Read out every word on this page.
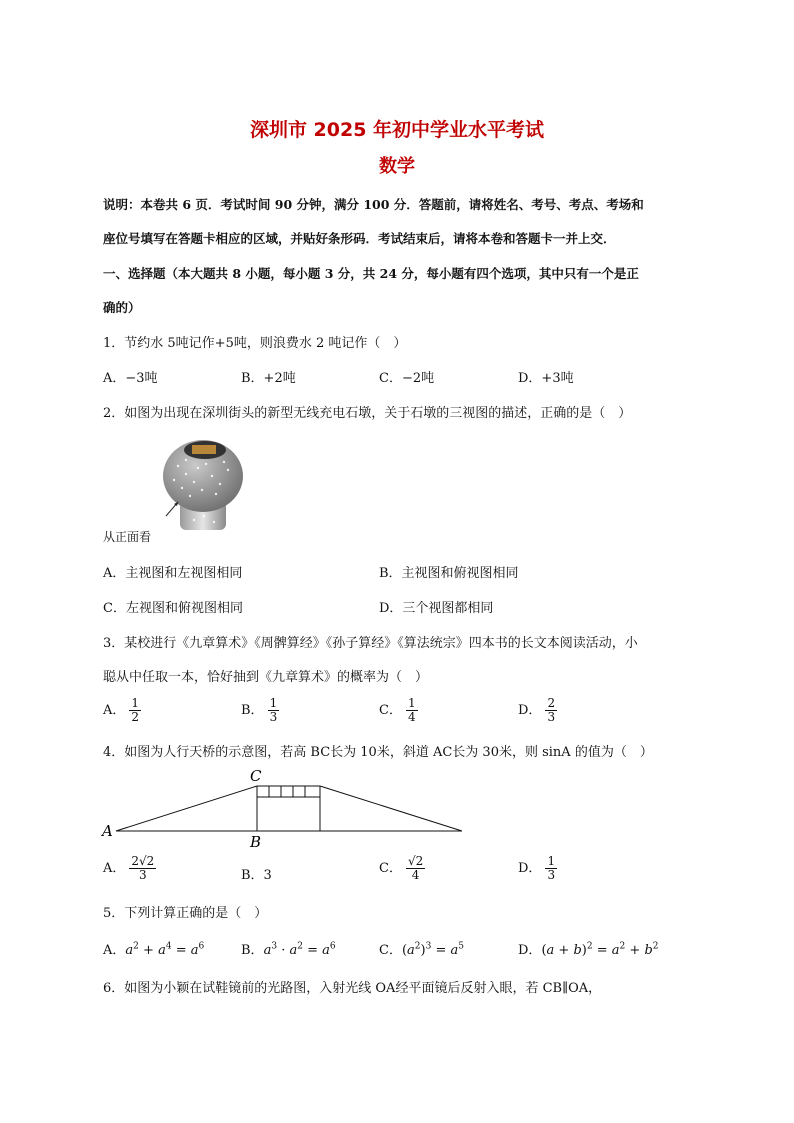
深圳市 2025 年初中学业水平考试
数学
说明：本卷共 6 页．考试时间 90 分钟，满分 100 分．答题前，请将姓名、考号、考点、考场和
座位号填写在答题卡相应的区域，并贴好条形码．考试结束后，请将本卷和答题卡一并上交．
一、选择题（本大题共 8 小题，每小题 3 分，共 24 分，每小题有四个选项，其中只有一个是正
确的）
1．节约水 5吨记作+5吨，则浪费水 2 吨记作（　）
A．−3吨	B．+2吨	C．−2吨	D．+3吨
2．如图为出现在深圳街头的新型无线充电石墩，关于石墩的三视图的描述，正确的是（　）
从正面看
A．主视图和左视图相同	B．主视图和俯视图相同
C．左视图和俯视图相同	D．三个视图都相同
3．某校进行《九章算术》《周髀算经》《孙子算经》《算法统宗》四本书的长文本阅读活动，小
聪从中任取一本，恰好抽到《九章算术》的概率为（　）
A． $\frac{1}{2}$	B． $\frac{1}{3}$	C． $\frac{1}{4}$	D． $\frac{2}{3}$
4．如图为人行天桥的示意图，若高 BC长为 10米，斜道 AC长为 30米，则 sinA 的值为（　）
A
C
B
A． $\frac{2√2}{3}$	B．3	C． $\frac{√2}{4}$	D． $\frac{1}{3}$
5．下列计算正确的是（　）
A．$a^2 + a^4 = a^6$	B．$a^3 \cdot a^2 = a^6$	C．$(a^2)^3 = a^5$	D．$(a + b)^2 = a^2 + b^2$
6．如图为小颖在试鞋镜前的光路图，入射光线 OA经平面镜后反射入眼，若 CB∥OA，
